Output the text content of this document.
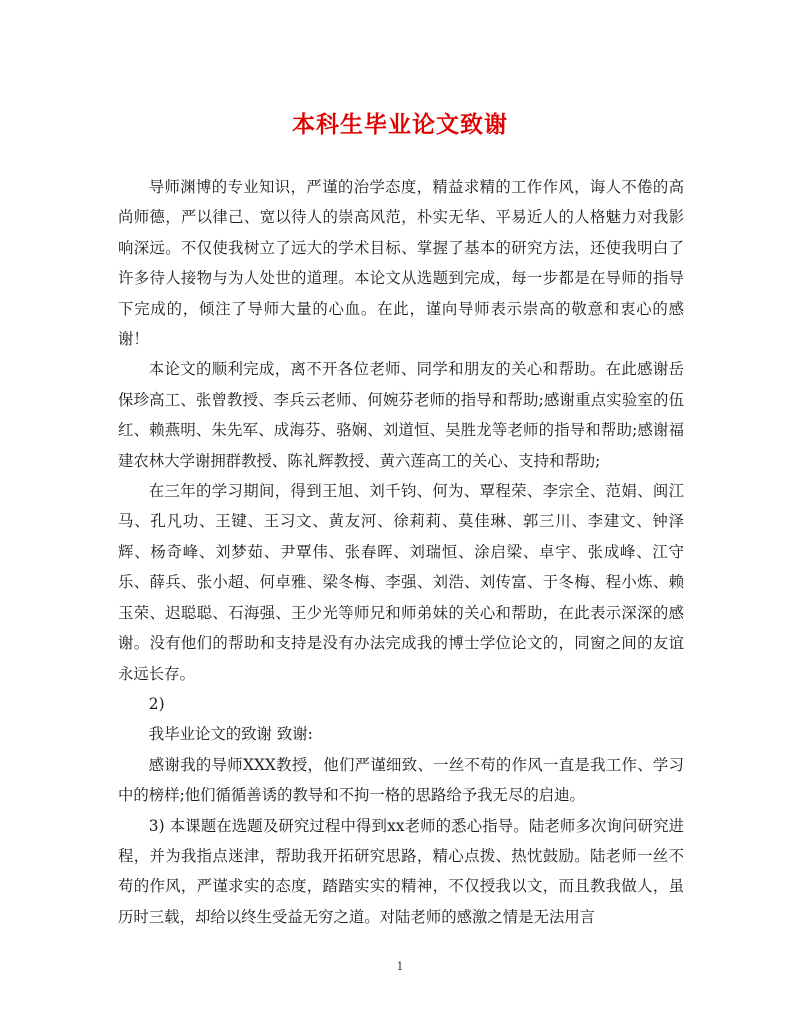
本科生毕业论文致谢

导师渊博的专业知识，严谨的治学态度，精益求精的工作作风，诲人不倦的高尚师德，严以律己、宽以待人的崇高风范，朴实无华、平易近人的人格魅力对我影响深远。不仅使我树立了远大的学术目标、掌握了基本的研究方法，还使我明白了许多待人接物与为人处世的道理。本论文从选题到完成，每一步都是在导师的指导下完成的，倾注了导师大量的心血。在此，谨向导师表示崇高的敬意和衷心的感谢！

本论文的顺利完成，离不开各位老师、同学和朋友的关心和帮助。在此感谢岳保珍高工、张曾教授、李兵云老师、何婉芬老师的指导和帮助;感谢重点实验室的伍红、赖燕明、朱先军、成海芬、骆娴、刘道恒、吴胜龙等老师的指导和帮助;感谢福建农林大学谢拥群教授、陈礼辉教授、黄六莲高工的关心、支持和帮助;

在三年的学习期间，得到王旭、刘千钧、何为、覃程荣、李宗全、范娟、闽江马、孔凡功、王键、王习文、黄友河、徐莉莉、莫佳琳、郭三川、李建文、钟泽辉、杨奇峰、刘梦茹、尹覃伟、张春晖、刘瑞恒、涂启梁、卓宇、张成峰、江守乐、薛兵、张小超、何卓雅、梁冬梅、李强、刘浩、刘传富、于冬梅、程小炼、赖玉荣、迟聪聪、石海强、王少光等师兄和师弟妹的关心和帮助，在此表示深深的感谢。没有他们的帮助和支持是没有办法完成我的博士学位论文的，同窗之间的友谊永远长存。

2)

我毕业论文的致谢 致谢:

感谢我的导师XXX教授，他们严谨细致、一丝不苟的作风一直是我工作、学习中的榜样;他们循循善诱的教导和不拘一格的思路给予我无尽的启迪。

3) 本课题在选题及研究过程中得到xx老师的悉心指导。陆老师多次询问研究进程，并为我指点迷津，帮助我开拓研究思路，精心点拨、热忱鼓励。陆老师一丝不苟的作风，严谨求实的态度，踏踏实实的精神，不仅授我以文，而且教我做人，虽历时三载，却给以终生受益无穷之道。对陆老师的感激之情是无法用言

1
